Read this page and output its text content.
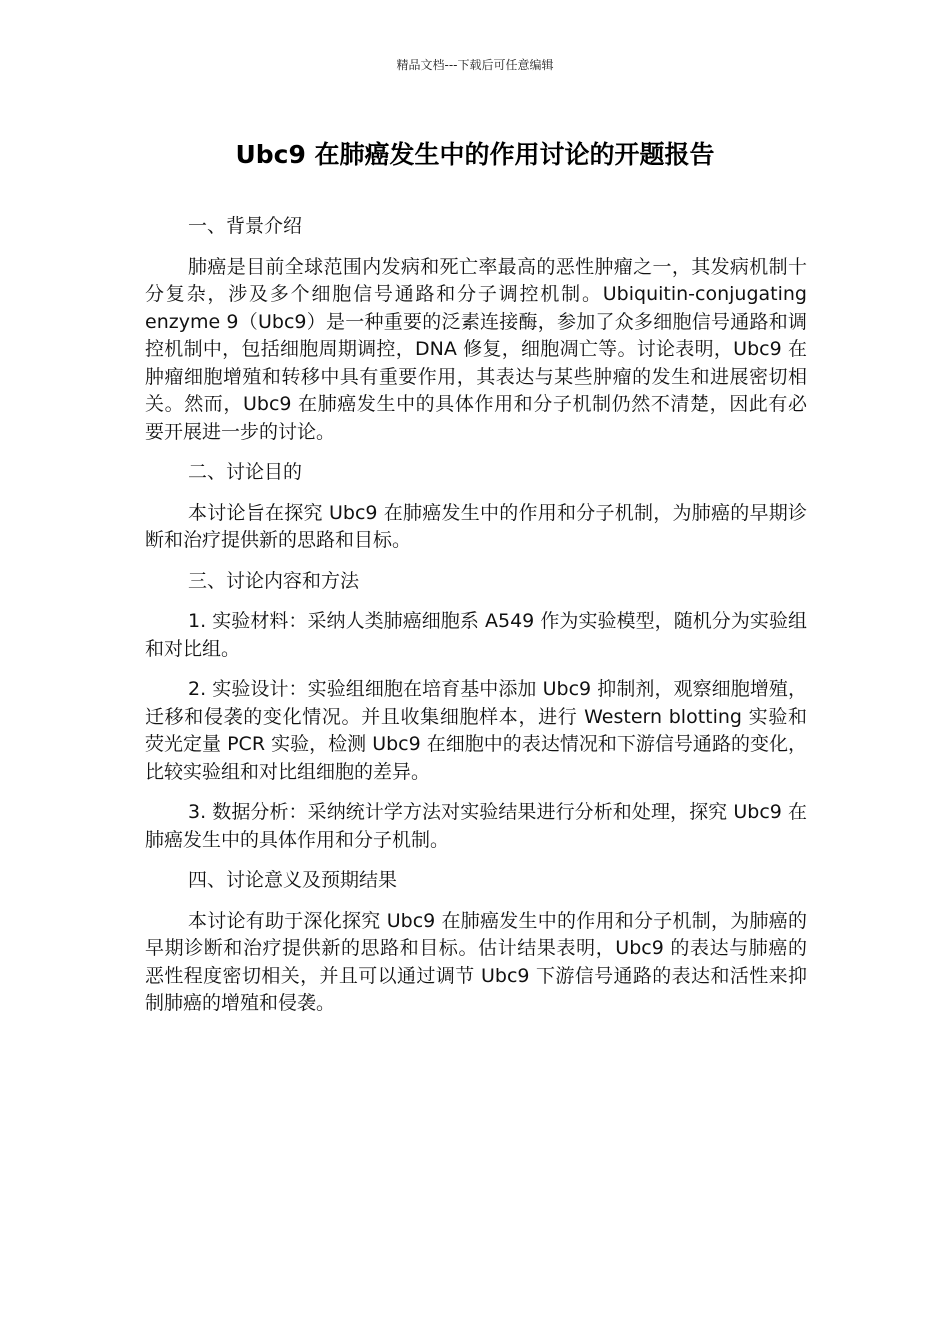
精品文档---下载后可任意编辑
Ubc9 在肺癌发生中的作用讨论的开题报告

一、背景介绍

肺癌是目前全球范围内发病和死亡率最高的恶性肿瘤之一，其发病机制十分复杂，涉及多个细胞信号通路和分子调控机制。Ubiquitin-conjugating enzyme 9（Ubc9）是一种重要的泛素连接酶，参加了众多细胞信号通路和调控机制中，包括细胞周期调控，DNA 修复，细胞凋亡等。讨论表明，Ubc9 在肿瘤细胞增殖和转移中具有重要作用，其表达与某些肿瘤的发生和进展密切相关。然而，Ubc9 在肺癌发生中的具体作用和分子机制仍然不清楚，因此有必要开展进一步的讨论。

二、讨论目的

本讨论旨在探究 Ubc9 在肺癌发生中的作用和分子机制，为肺癌的早期诊断和治疗提供新的思路和目标。

三、讨论内容和方法

1. 实验材料：采纳人类肺癌细胞系 A549 作为实验模型，随机分为实验组和对比组。

2. 实验设计：实验组细胞在培育基中添加 Ubc9 抑制剂，观察细胞增殖，迁移和侵袭的变化情况。并且收集细胞样本，进行 Western blotting 实验和荧光定量 PCR 实验，检测 Ubc9 在细胞中的表达情况和下游信号通路的变化，比较实验组和对比组细胞的差异。

3. 数据分析：采纳统计学方法对实验结果进行分析和处理，探究 Ubc9 在肺癌发生中的具体作用和分子机制。

四、讨论意义及预期结果

本讨论有助于深化探究 Ubc9 在肺癌发生中的作用和分子机制，为肺癌的早期诊断和治疗提供新的思路和目标。估计结果表明，Ubc9 的表达与肺癌的恶性程度密切相关，并且可以通过调节 Ubc9 下游信号通路的表达和活性来抑制肺癌的增殖和侵袭。
